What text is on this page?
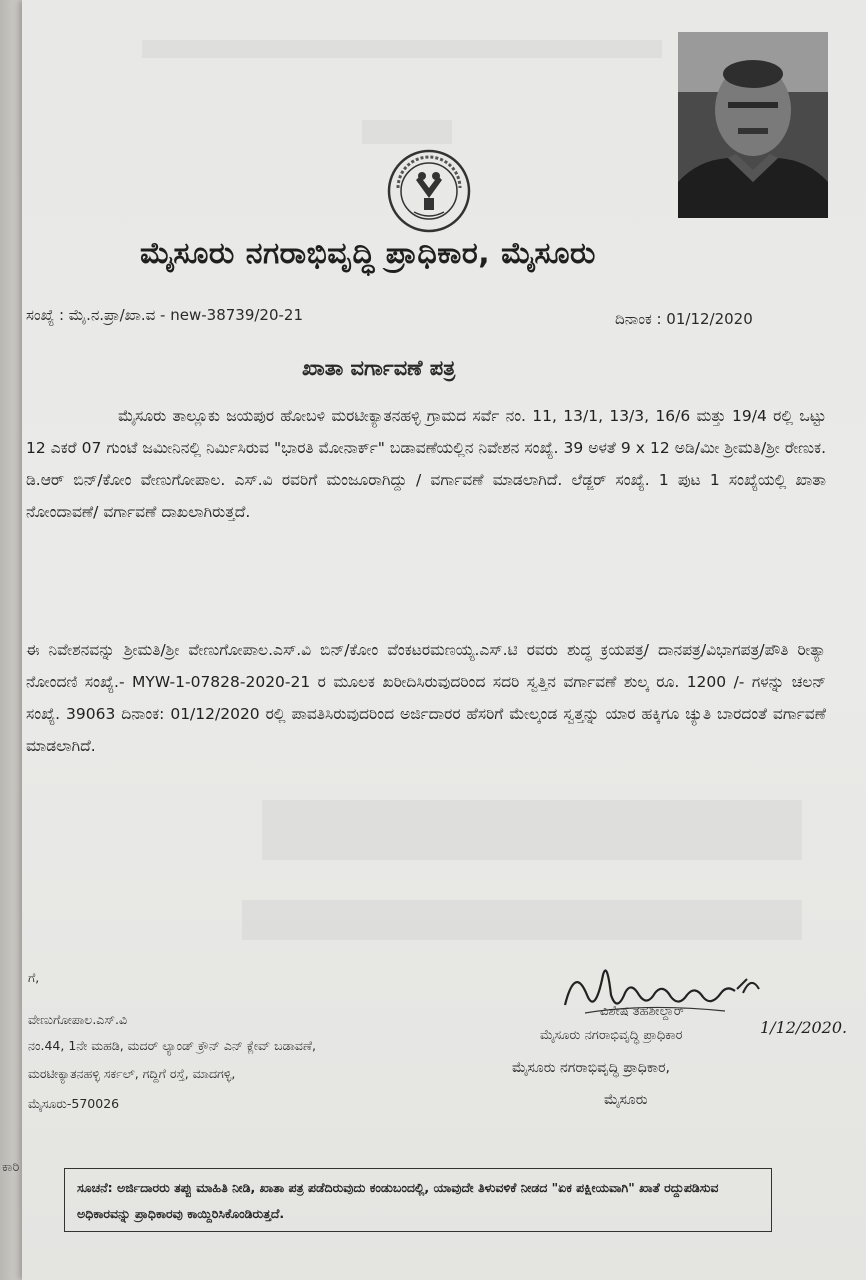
ಕಾರಿ
ಮೈಸೂರು ನಗರಾಭಿವೃದ್ಧಿ ಪ್ರಾಧಿಕಾರ, ಮೈಸೂರು
ಸಂಖ್ಯೆ : ಮೈ.ನ.ಪ್ರಾ/ಖಾ.ವ - new-38739/20-21	ದಿನಾಂಕ : 01/12/2020
ಖಾತಾ ವರ್ಗಾವಣೆ ಪತ್ರ
ಮೈಸೂರು ತಾಲ್ಲೂಕು ಜಯಪುರ ಹೋಬಳಿ ಮರಟೀಕ್ಯಾತನಹಳ್ಳಿ ಗ್ರಾಮದ ಸರ್ವೆ ನಂ. 11, 13/1, 13/3, 16/6 ಮತ್ತು 19/4 ರಲ್ಲಿ ಒಟ್ಟು 12 ಎಕರೆ 07 ಗುಂಟೆ ಜಮೀನಿನಲ್ಲಿ ನಿರ್ಮಿಸಿರುವ "ಭಾರತಿ ಮೋನಾರ್ಕ್" ಬಡಾವಣೆಯಲ್ಲಿನ ನಿವೇಶನ ಸಂಖ್ಯೆ. 39 ಅಳತೆ 9 x 12 ಅಡಿ/ಮೀ ಶ್ರೀಮತಿ/ಶ್ರೀ ರೇಣುಕ. ಡಿ.ಆರ್ ಬಿನ್/ಕೋಂ ವೇಣುಗೋಪಾಲ. ಎಸ್.ವಿ ರವರಿಗೆ ಮಂಜೂರಾಗಿದ್ದು / ವರ್ಗಾವಣೆ ಮಾಡಲಾಗಿದೆ. ಲೆಡ್ಜರ್ ಸಂಖ್ಯೆ. 1 ಪುಟ 1 ಸಂಖ್ಯೆಯಲ್ಲಿ ಖಾತಾ ನೋಂದಾವಣೆ/ ವರ್ಗಾವಣೆ ದಾಖಲಾಗಿರುತ್ತದೆ.
ಈ ನಿವೇಶನವನ್ನು ಶ್ರೀಮತಿ/ಶ್ರೀ ವೇಣುಗೋಪಾಲ.ಎಸ್.ವಿ ಬಿನ್/ಕೋಂ ವೆಂಕಟರಮಣಯ್ಯ.ಎಸ್.ಟಿ ರವರು ಶುದ್ಧ ಕ್ರಯಪತ್ರ/ ದಾನಪತ್ರ/ವಿಭಾಗಪತ್ರ/ಪೌತಿ ರೀತ್ಯಾ ನೋಂದಣಿ ಸಂಖ್ಯೆ.- MYW-1-07828-2020-21 ರ ಮೂಲಕ ಖರೀದಿಸಿರುವುದರಿಂದ ಸದರಿ ಸ್ವತ್ತಿನ ವರ್ಗಾವಣೆ ಶುಲ್ಕ ರೂ. 1200 /- ಗಳನ್ನು ಚಲನ್ ಸಂಖ್ಯೆ. 39063 ದಿನಾಂಕ: 01/12/2020 ರಲ್ಲಿ ಪಾವತಿಸಿರುವುದರಿಂದ ಅರ್ಜಿದಾರರ ಹೆಸರಿಗೆ ಮೇಲ್ಕಂಡ ಸ್ವತ್ತನ್ನು ಯಾರ ಹಕ್ಕಿಗೂ ಚ್ಯುತಿ ಬಾರದಂತೆ ವರ್ಗಾವಣೆ ಮಾಡಲಾಗಿದೆ.
ಗೆ,
ವೇಣುಗೋಪಾಲ.ಎಸ್.ವಿ
ನಂ.44, 1ನೇ ಮಹಡಿ, ಮದರ್ ಲ್ಯಾಂಡ್ ಕ್ರೌನ್ ಎನ್ ಕ್ಲೇವ್ ಬಡಾವಣೆ,
ಮರಟೀಕ್ಯಾತನಹಳ್ಳಿ ಸರ್ಕಲ್, ಗದ್ದಿಗೆ ರಸ್ತೆ, ಮಾದಗಳ್ಳಿ,
ಮೈಸೂರು-570026
1/12/2020.
ವಿಶೇಷ ತಹಶೀಲ್ದಾರ್
ಮೈಸೂರು ನಗರಾಭಿವೃದ್ಧಿ ಪ್ರಾಧಿಕಾರ
ಮೈಸೂರು ನಗರಾಭಿವೃದ್ಧಿ ಪ್ರಾಧಿಕಾರ,
ಮೈಸೂರು
ಸೂಚನೆ: ಅರ್ಜಿದಾರರು ತಪ್ಪು ಮಾಹಿತಿ ನೀಡಿ, ಖಾತಾ ಪತ್ರ ಪಡೆದಿರುವುದು ಕಂಡುಬಂದಲ್ಲಿ, ಯಾವುದೇ ತಿಳುವಳಿಕೆ ನೀಡದ "ಏಕ ಪಕ್ಷೀಯವಾಗಿ" ಖಾತೆ ರದ್ದುಪಡಿಸುವ ಅಧಿಕಾರವನ್ನು ಪ್ರಾಧಿಕಾರವು ಕಾಯ್ದಿರಿಸಿಕೊಂಡಿರುತ್ತದೆ.
